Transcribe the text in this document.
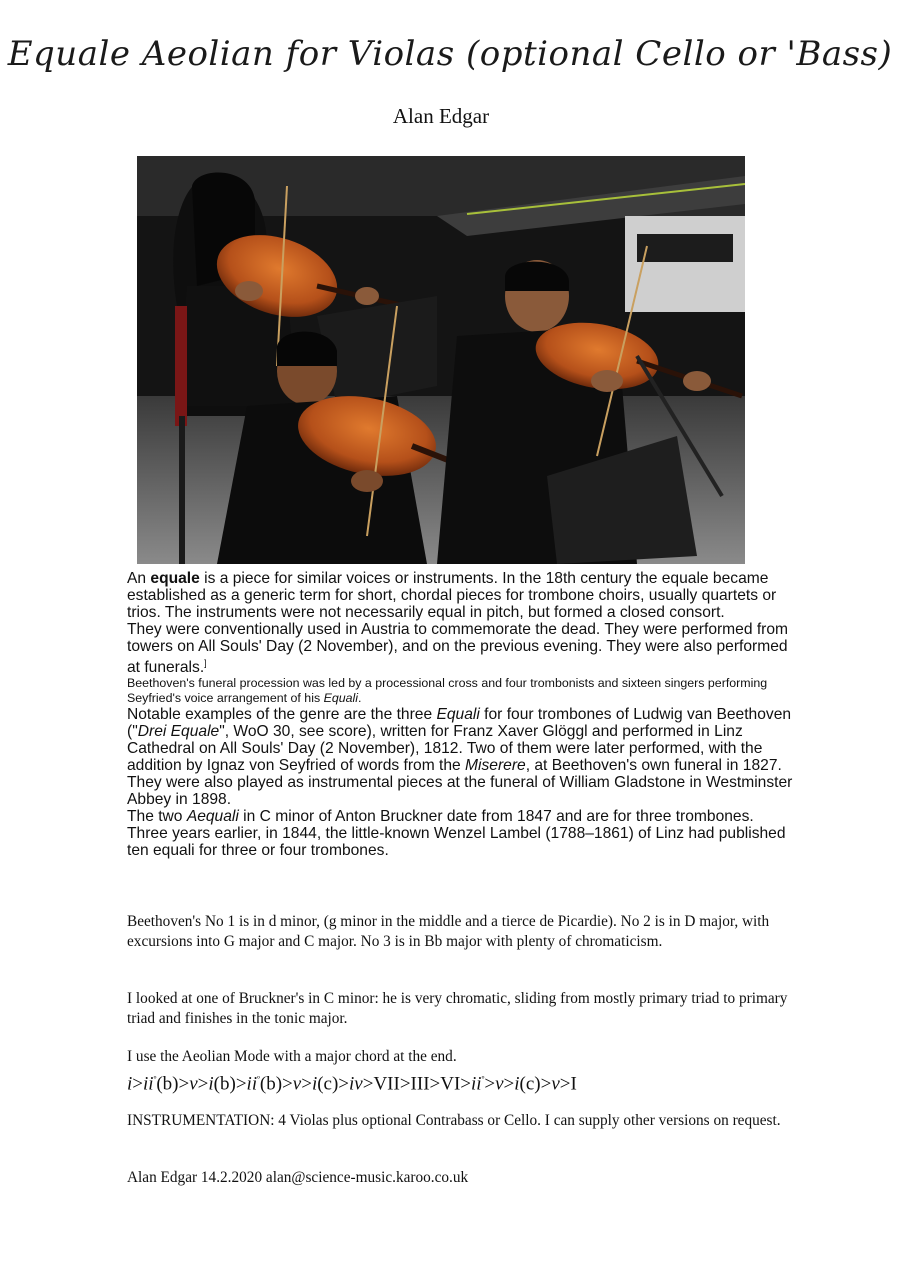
Equale Aeolian for Violas (optional Cello or 'Bass)
Alan Edgar

An equale is a piece for similar voices or instruments. In the 18th century the equale became established as a generic term for short, chordal pieces for trombone choirs, usually quartets or trios. The instruments were not necessarily equal in pitch, but formed a closed consort.

They were conventionally used in Austria to commemorate the dead. They were performed from towers on All Souls' Day (2 November), and on the previous evening. They were also performed at funerals.]

Beethoven's funeral procession was led by a processional cross and four trombonists and sixteen singers performing Seyfried's voice arrangement of his Equali.

Notable examples of the genre are the three Equali for four trombones of Ludwig van Beethoven ("Drei Equale", WoO 30, see score), written for Franz Xaver Glöggl and performed in Linz Cathedral on All Souls' Day (2 November), 1812. Two of them were later performed, with the addition by Ignaz von Seyfried of words from the Miserere, at Beethoven's own funeral in 1827. They were also played as instrumental pieces at the funeral of William Gladstone in Westminster Abbey in 1898.

The two Aequali in C minor of Anton Bruckner date from 1847 and are for three trombones. Three years earlier, in 1844, the little-known Wenzel Lambel (1788–1861) of Linz had published ten equali for three or four trombones.

Beethoven's No 1 is in d minor, (g minor in the middle and a tierce de Picardie). No 2 is in D major, with excursions into G major and C major. No 3 is in Bb major with plenty of chromaticism.

I looked at one of Bruckner's in C minor: he is very chromatic, sliding from mostly primary triad to primary triad and finishes in the tonic major.

I use the Aeolian Mode with a major chord at the end.

$i>ii^º(b)>v>i(b)>ii^º(b)>v>i(c)>iv>VII>III>VI>ii^º>v>i(c)>v>I$

INSTRUMENTATION: 4 Violas plus optional Contrabass or Cello. I can supply other versions on request.

Alan Edgar 14.2.2020 alan@science-music.karoo.co.uk
